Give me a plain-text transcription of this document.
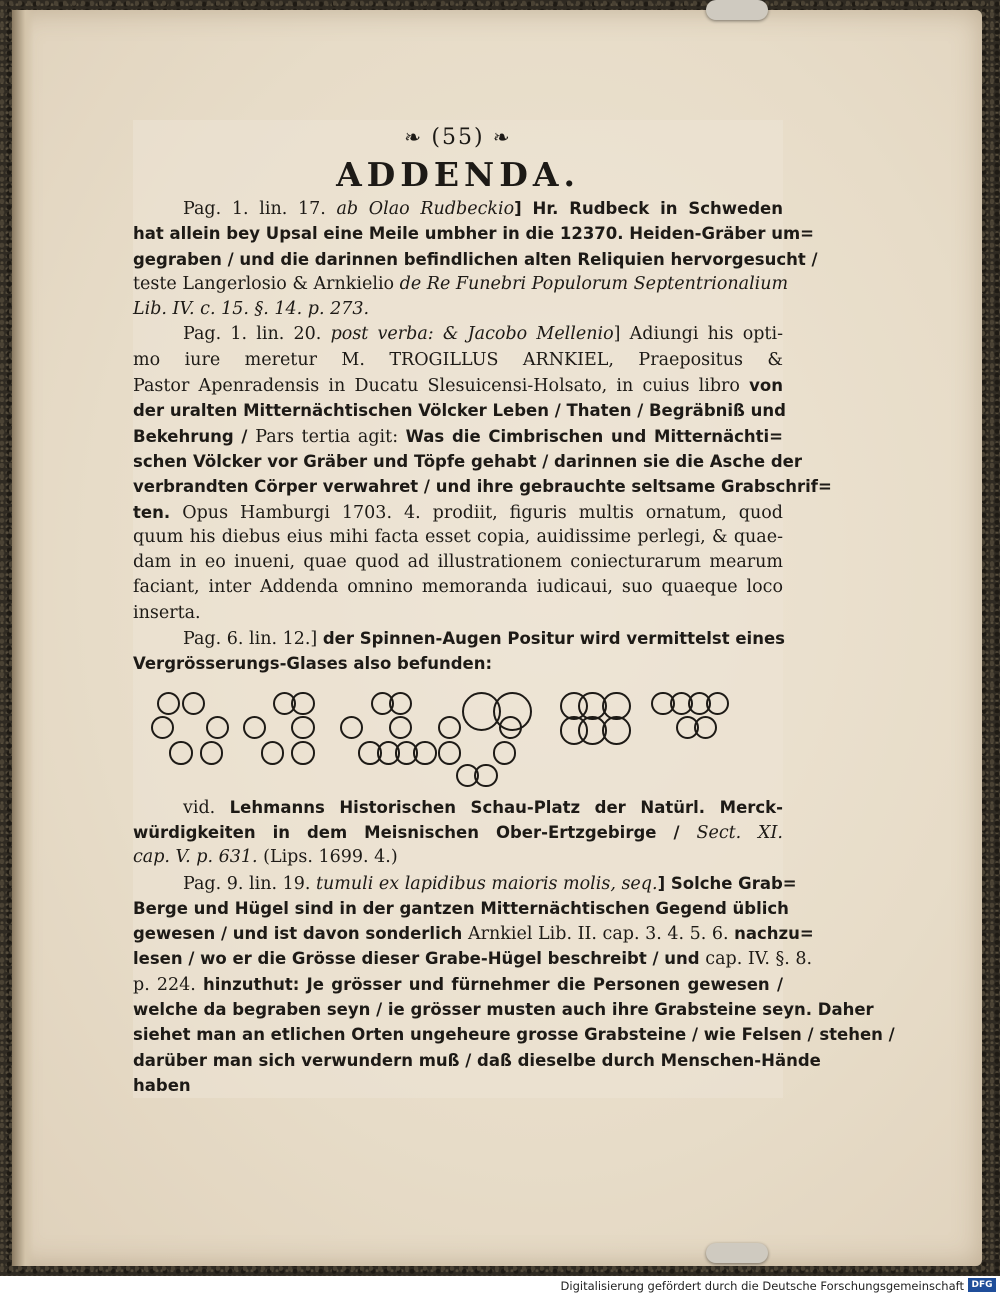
❧ (55) ❧

ADDENDA.
Pag. 1. lin. 17. ab Olao Rudbeckio] Hr. Rudbeck in Schweden
hat allein bey Upsal eine Meile umbher in die 12370. Heiden-Gräber um=
gegraben / und die darinnen befindlichen alten Reliquien hervorgesucht /
teste Langerlosio & Arnkielio de Re Funebri Populorum Septentrionalium
Lib. IV. c. 15. §. 14. p. 273.
Pag. 1. lin. 20. post verba: & Jacobo Mellenio] Adiungi his opti-
mo iure meretur M. TROGILLUS ARNKIEL, Praepositus &
Pastor Apenradensis in Ducatu Slesuicensi-Holsato, in cuius libro von
der uralten Mitternächtischen Völcker Leben / Thaten / Begräbniß und
Bekehrung / Pars tertia agit: Was die Cimbrischen und Mitternächti=
schen Völcker vor Gräber und Töpfe gehabt / darinnen sie die Asche der
verbrandten Cörper verwahret / und ihre gebrauchte seltsame Grabschrif=
ten. Opus Hamburgi 1703. 4. prodiit, figuris multis ornatum, quod
quum his diebus eius mihi facta esset copia, auidissime perlegi, & quae-
dam in eo inueni, quae quod ad illustrationem coniecturarum mearum
faciant, inter Addenda omnino memoranda iudicaui, suo quaeque loco
inserta.
Pag. 6. lin. 12.] der Spinnen-Augen Positur wird vermittelst eines
Vergrösserungs-Glases also befunden:
vid. Lehmanns Historischen Schau-Platz der Natürl. Merck-
würdigkeiten in dem Meisnischen Ober-Ertzgebirge / Sect. XI.
cap. V. p. 631. (Lips. 1699. 4.)
Pag. 9. lin. 19. tumuli ex lapidibus maioris molis, seq.] Solche Grab=
Berge und Hügel sind in der gantzen Mitternächtischen Gegend üblich
gewesen / und ist davon sonderlich Arnkiel Lib. II. cap. 3. 4. 5. 6. nachzu=
lesen / wo er die Grösse dieser Grabe-Hügel beschreibt / und cap. IV. §. 8.
p. 224. hinzuthut: Je grösser und fürnehmer die Personen gewesen /
welche da begraben seyn / ie grösser musten auch ihre Grabsteine seyn. Daher
siehet man an etlichen Orten ungeheure grosse Grabsteine / wie Felsen / stehen /
darüber man sich verwundern muß / daß dieselbe durch Menschen-Hände
haben
Digitalisierung gefördert durch die Deutsche Forschungsgemeinschaft DFG
